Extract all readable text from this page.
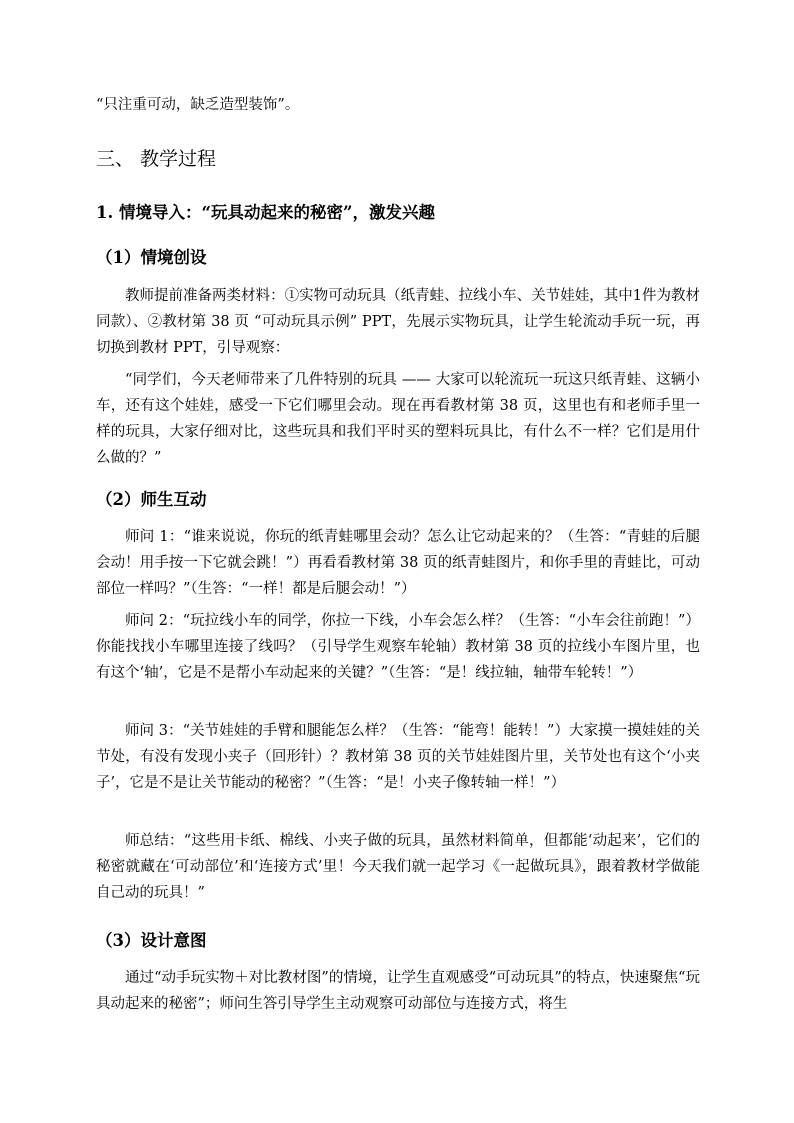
“只注重可动，缺乏造型装饰”。

三、 教学过程
1. 情境导入：“玩具动起来的秘密”，激发兴趣
（1）情境创设

教师提前准备两类材料：①实物可动玩具（纸青蛙、拉线小车、关节娃娃，其中1件为教材同款）、②教材第 38 页 “可动玩具示例” PPT，先展示实物玩具，让学生轮流动手玩一玩，再切换到教材 PPT，引导观察：

“同学们，今天老师带来了几件特别的玩具 —— 大家可以轮流玩一玩这只纸青蛙、这辆小车，还有这个娃娃，感受一下它们哪里会动。现在再看教材第 38 页，这里也有和老师手里一样的玩具，大家仔细对比，这些玩具和我们平时买的塑料玩具比，有什么不一样？它们是用什么做的？”

（2）师生互动

师问 1：“谁来说说，你玩的纸青蛙哪里会动？怎么让它动起来的？（生答：“青蛙的后腿会动！用手按一下它就会跳！”）再看看教材第 38 页的纸青蛙图片，和你手里的青蛙比，可动部位一样吗？”（生答：“一样！都是后腿会动！”）

师问 2：“玩拉线小车的同学，你拉一下线，小车会怎么样？（生答：“小车会往前跑！”）你能找找小车哪里连接了线吗？（引导学生观察车轮轴）教材第 38 页的拉线小车图片里，也有这个‘轴’，它是不是帮小车动起来的关键？”（生答：“是！线拉轴，轴带车轮转！”）

师问 3：“关节娃娃的手臂和腿能怎么样？（生答：“能弯！能转！”）大家摸一摸娃娃的关节处，有没有发现小夹子（回形针）？教材第 38 页的关节娃娃图片里，关节处也有这个‘小夹子’，它是不是让关节能动的秘密？”（生答：“是！小夹子像转轴一样！”）

师总结：“这些用卡纸、棉线、小夹子做的玩具，虽然材料简单，但都能‘动起来’，它们的秘密就藏在‘可动部位’和‘连接方式’里！今天我们就一起学习《一起做玩具》，跟着教材学做能自己动的玩具！”

（3）设计意图

通过“动手玩实物＋对比教材图”的情境，让学生直观感受“可动玩具”的特点，快速聚焦“玩具动起来的秘密”；师问生答引导学生主动观察可动部位与连接方式，将生
